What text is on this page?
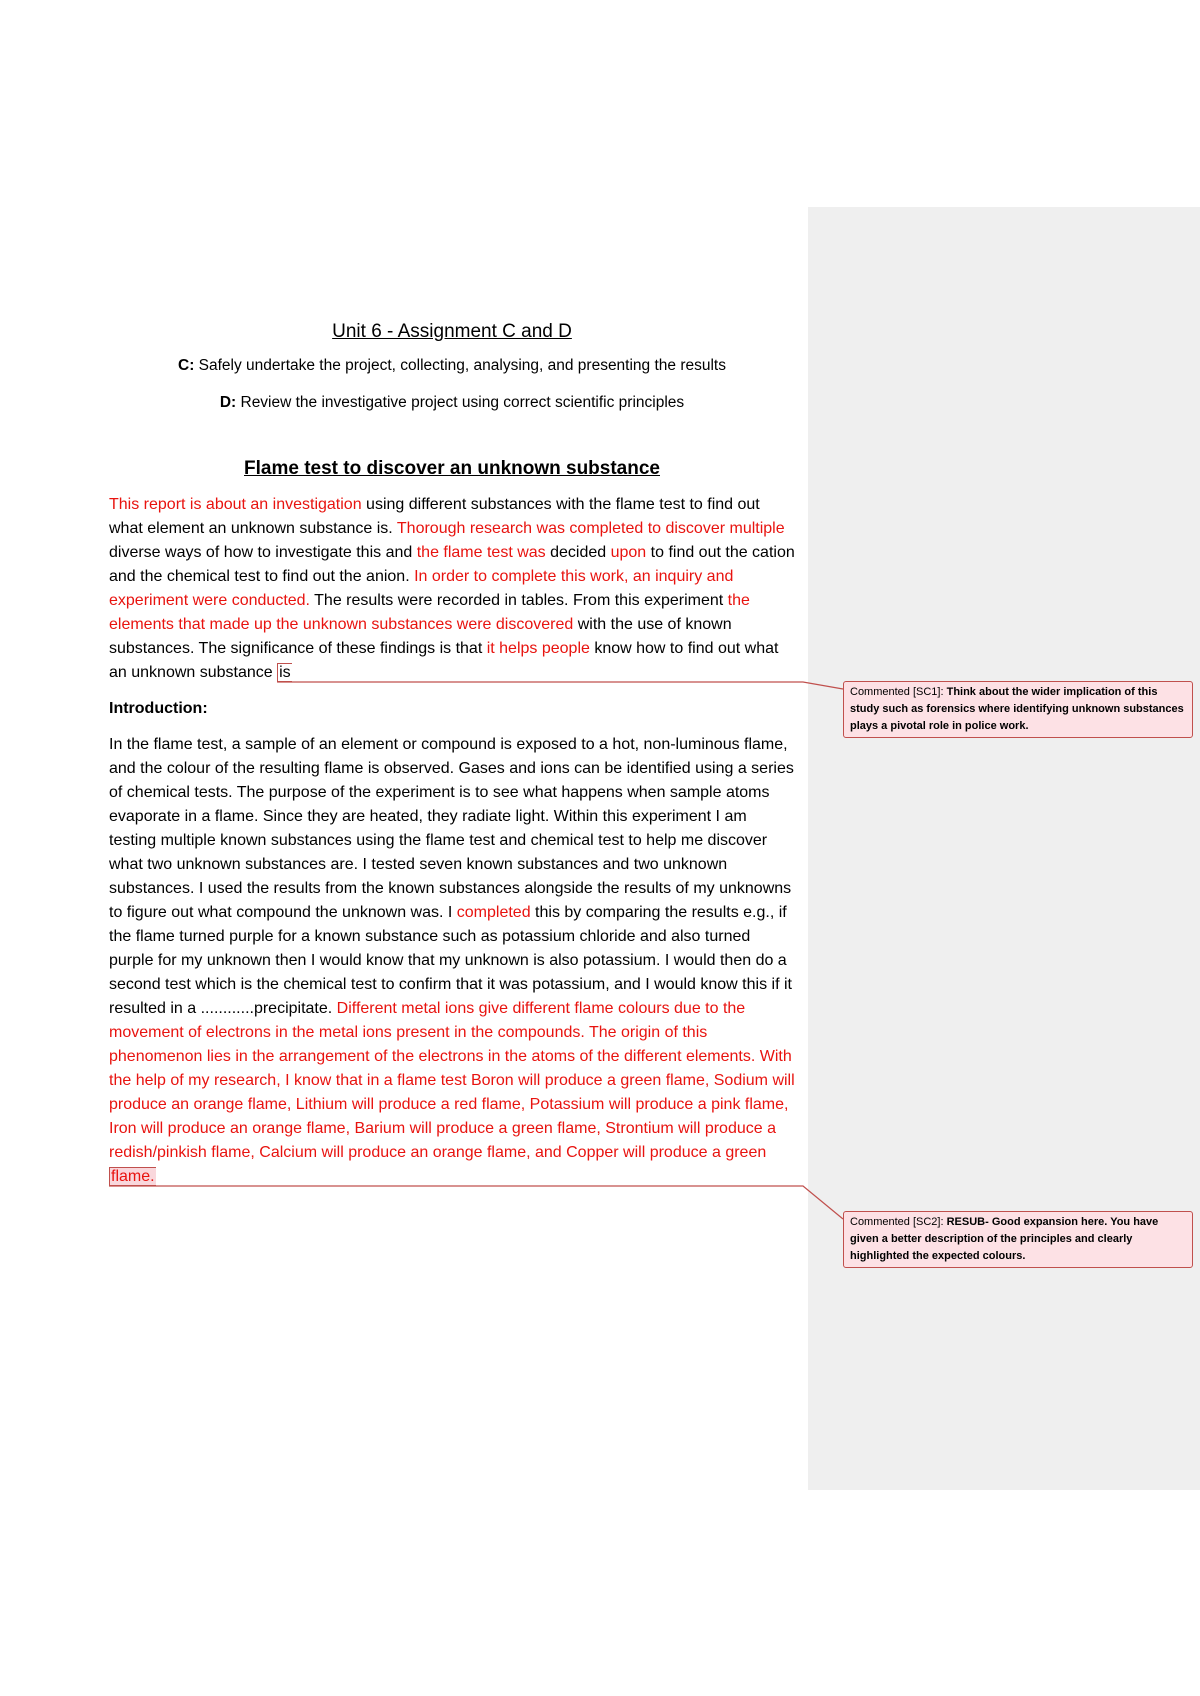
Unit 6 - Assignment C and D

C: Safely undertake the project, collecting, analysing, and presenting the results

D: Review the investigative project using correct scientific principles

Flame test to discover an unknown substance

This report is about an investigation using different substances with the flame test to find out what element an unknown substance is. Thorough research was completed to discover multiple diverse ways of how to investigate this and the flame test was decided upon to find out the cation and the chemical test to find out the anion. In order to complete this work, an inquiry and experiment were conducted. The results were recorded in tables. From this experiment the elements that made up the unknown substances were discovered with the use of known substances. The significance of these findings is that it helps people know how to find out what an unknown substance is

Introduction:

In the flame test, a sample of an element or compound is exposed to a hot, non-luminous flame, and the colour of the resulting flame is observed. Gases and ions can be identified using a series of chemical tests. The purpose of the experiment is to see what happens when sample atoms evaporate in a flame. Since they are heated, they radiate light. Within this experiment I am testing multiple known substances using the flame test and chemical test to help me discover what two unknown substances are. I tested seven known substances and two unknown substances. I used the results from the known substances alongside the results of my unknowns to figure out what compound the unknown was. I completed this by comparing the results e.g., if the flame turned purple for a known substance such as potassium chloride and also turned purple for my unknown then I would know that my unknown is also potassium. I would then do a second test which is the chemical test to confirm that it was potassium, and I would know this if it resulted in a ............precipitate. Different metal ions give different flame colours due to the movement of electrons in the metal ions present in the compounds. The origin of this phenomenon lies in the arrangement of the electrons in the atoms of the different elements. With the help of my research, I know that in a flame test Boron will produce a green flame, Sodium will produce an orange flame, Lithium will produce a red flame, Potassium will produce a pink flame, Iron will produce an orange flame, Barium will produce a green flame, Strontium will produce a redish/pinkish flame, Calcium will produce an orange flame, and Copper will produce a green flame.

Commented [SC1]: Think about the wider implication of this study such as forensics where identifying unknown substances plays a pivotal role in police work.
Commented [SC2]: RESUB- Good expansion here. You have given a better description of the principles and clearly highlighted the expected colours.
